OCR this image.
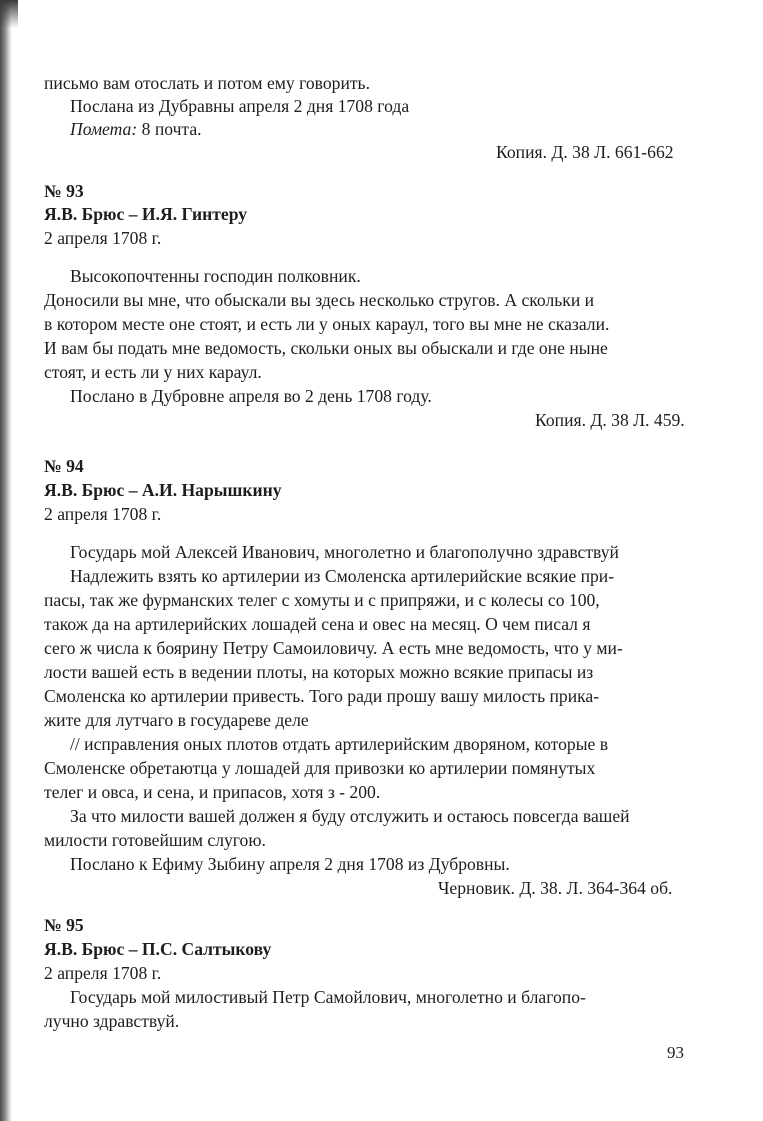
письмо вам отослать и потом ему говорить.

Послана из Дубравны апреля 2 дня 1708 года

Помета: 8 почта.

Копия. Д. 38 Л. 661-662

№ 93

Я.В. Брюс – И.Я. Гинтеру

2 апреля 1708 г.

Высокопочтенны господин полковник.

Доносили вы мне, что обыскали вы здесь несколько стругов. А скольки и

в котором месте оне стоят, и есть ли у оных караул, того вы мне не сказали.

И вам бы подать мне ведомость, скольки оных вы обыскали и где оне ныне

стоят, и есть ли у них караул.

Послано в Дубровне апреля во 2 день 1708 году.

Копия. Д. 38 Л. 459.

№ 94

Я.В. Брюс – А.И. Нарышкину

2 апреля 1708 г.

Государь мой Алексей Иванович, многолетно и благополучно здравствуй

Надлежить взять ко артилерии из Смоленска артилерийские всякие при-

пасы, так же фурманских телег с хомуты и с припряжи, и с колесы со 100,

також да на артилерийских лошадей сена и овес на месяц. О чем писал я

сего ж числа к боярину Петру Самоиловичу. А есть мне ведомость, что у ми-

лости вашей есть в ведении плоты, на которых можно всякие припасы из

Смоленска ко артилерии привесть. Того ради прошу вашу милость прика-

жите для лутчаго в государеве деле

// исправления оных плотов отдать артилерийским дворяном, которые в

Смоленске обретаютца у лошадей для привозки ко артилерии помянутых

телег и овса, и сена, и припасов, хотя з - 200.

За что милости вашей должен я буду отслужить и остаюсь повсегда вашей

милости готовейшим слугою.

Послано к Ефиму Зыбину апреля 2 дня 1708 из Дубровны.

Черновик. Д. 38. Л. 364-364 об.

№ 95

Я.В. Брюс – П.С. Салтыкову

2 апреля 1708 г.

Государь мой милостивый Петр Самойлович, многолетно и благопо-

лучно здравствуй.

93
